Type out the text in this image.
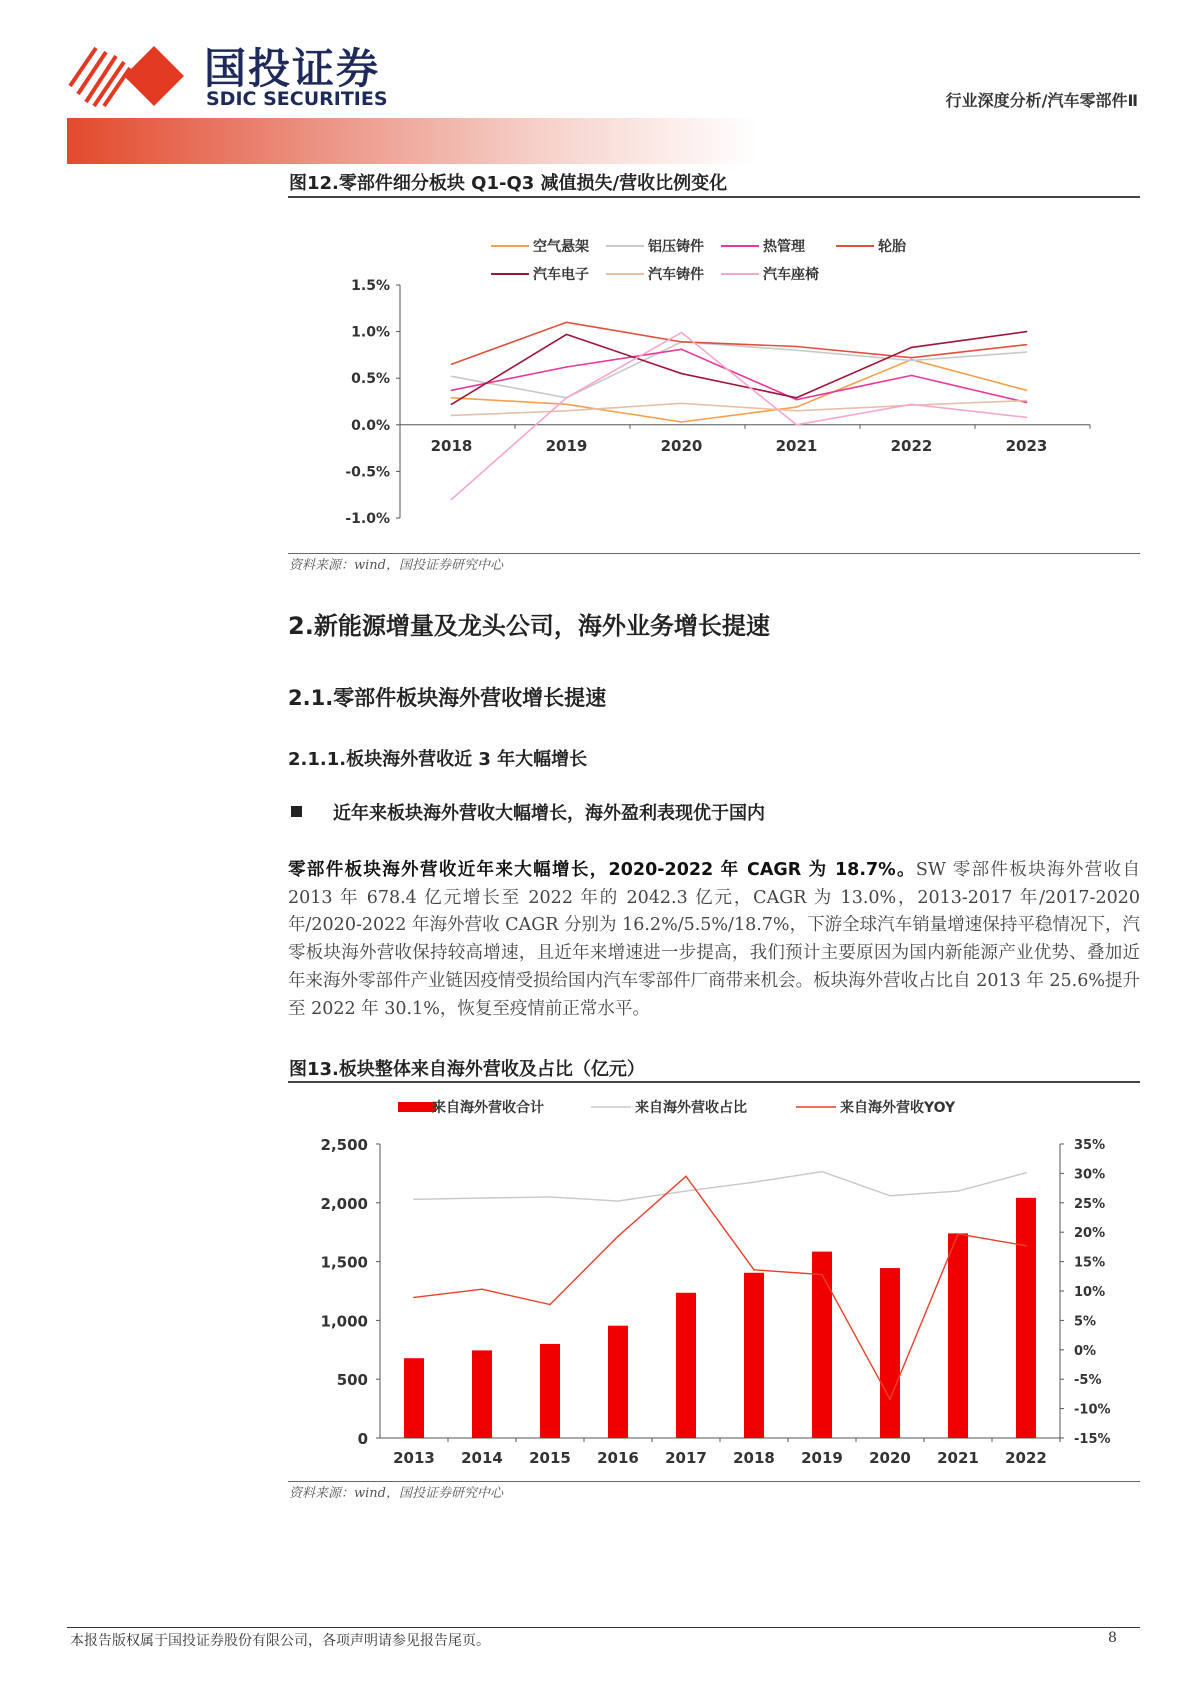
国投证券
SDIC SECURITIES	行业深度分析/汽车零部件Ⅱ
图12.零部件细分板块 Q1-Q3 减值损失/营收比例变化
1.5%
1.0%
0.5%
0.0%
-0.5%
-1.0%
2018	2019	2020	2021	2022	2023
空气悬架	铝压铸件	热管理	轮胎
汽车电子	汽车铸件	汽车座椅
资料来源：wind，国投证券研究中心
2.新能源增量及龙头公司，海外业务增长提速
2.1.零部件板块海外营收增长提速
2.1.1.板块海外营收近 3 年大幅增长
近年来板块海外营收大幅增长，海外盈利表现优于国内
零部件板块海外营收近年来大幅增长，2020-2022 年 CAGR 为 18.7%。SW 零部件板块海外营收自 2013 年 678.4 亿元增长至 2022 年的 2042.3 亿元，CAGR 为 13.0%，2013-2017 年/2017-2020 年/2020-2022 年海外营收 CAGR 分别为 16.2%/5.5%/18.7%，下游全球汽车销量增速保持平稳情况下，汽零板块海外营收保持较高增速，且近年来增速进一步提高，我们预计主要原因为国内新能源产业优势、叠加近年来海外零部件产业链因疫情受损给国内汽车零部件厂商带来机会。板块海外营收占比自 2013 年 25.6%提升至 2022 年 30.1%，恢复至疫情前正常水平。
图13.板块整体来自海外营收及占比（亿元）
2,500
2,000
1,500
1,000
500
0
35%
30%
25%
20%
15%
10%
5%
0%
-5%
-10%
-15%
2013 2014 2015 2016 2017 2018 2019 2020 2021 2022
来自海外营收合计	来自海外营收占比	来自海外营收YOY
资料来源：wind，国投证券研究中心
本报告版权属于国投证券股份有限公司，各项声明请参见报告尾页。	8
